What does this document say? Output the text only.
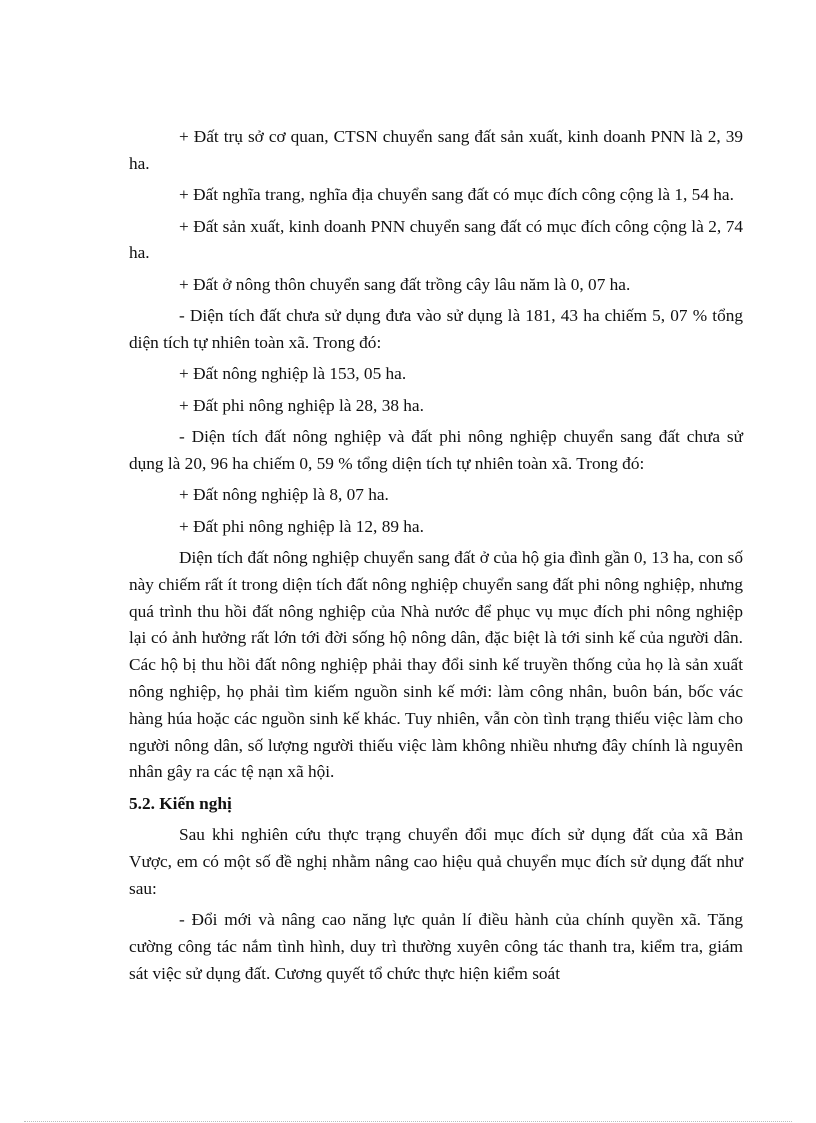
+ Đất trụ sở cơ quan, CTSN chuyển sang đất sản xuất, kinh doanh PNN là 2, 39 ha.

+ Đất nghĩa trang, nghĩa địa chuyển sang đất có mục đích công cộng là 1, 54 ha.

+ Đất sản xuất, kinh doanh PNN chuyển sang đất có mục đích công cộng là 2, 74 ha.

+ Đất ở nông thôn chuyển sang đất trồng cây lâu năm là 0, 07 ha.

- Diện tích đất chưa sử dụng đưa vào sử dụng là 181, 43 ha chiếm 5, 07 % tổng diện tích tự nhiên toàn xã. Trong đó:

+ Đất nông nghiệp là 153, 05 ha.

+ Đất phi nông nghiệp là 28, 38 ha.

- Diện tích đất nông nghiệp và đất phi nông nghiệp chuyển sang đất chưa sử dụng là 20, 96 ha chiếm 0, 59 % tổng diện tích tự nhiên toàn xã. Trong đó:

+ Đất nông nghiệp là 8, 07 ha.

+ Đất phi nông nghiệp là 12, 89 ha.

Diện tích đất nông nghiệp chuyển sang đất ở của hộ gia đình gần 0, 13 ha, con số này chiếm rất ít trong diện tích đất nông nghiệp chuyển sang đất phi nông nghiệp, nhưng quá trình thu hồi đất nông nghiệp của Nhà nước để phục vụ mục đích phi nông nghiệp lại có ảnh hưởng rất lớn tới đời sống hộ nông dân, đặc biệt là tới sinh kế của người dân. Các hộ bị thu hồi đất nông nghiệp phải thay đổi sinh kế truyền thống của họ là sản xuất nông nghiệp, họ phải tìm kiếm nguồn sinh kế mới: làm công nhân, buôn bán, bốc vác hàng húa hoặc các nguồn sinh kế khác. Tuy nhiên, vẫn còn tình trạng thiếu việc làm cho người nông dân, số lượng người thiếu việc làm không nhiều nhưng đây chính là nguyên nhân gây ra các tệ nạn xã hội.

5.2. Kiến nghị

Sau khi nghiên cứu thực trạng chuyển đổi mục đích sử dụng đất của xã Bản Vược, em có một số đề nghị nhằm nâng cao hiệu quả chuyển mục đích sử dụng đất như sau:

- Đổi mới và nâng cao năng lực quản lí điều hành của chính quyền xã. Tăng cường công tác nắm tình hình, duy trì thường xuyên công tác thanh tra, kiểm tra, giám sát việc sử dụng đất. Cương quyết tổ chức thực hiện kiểm soát
